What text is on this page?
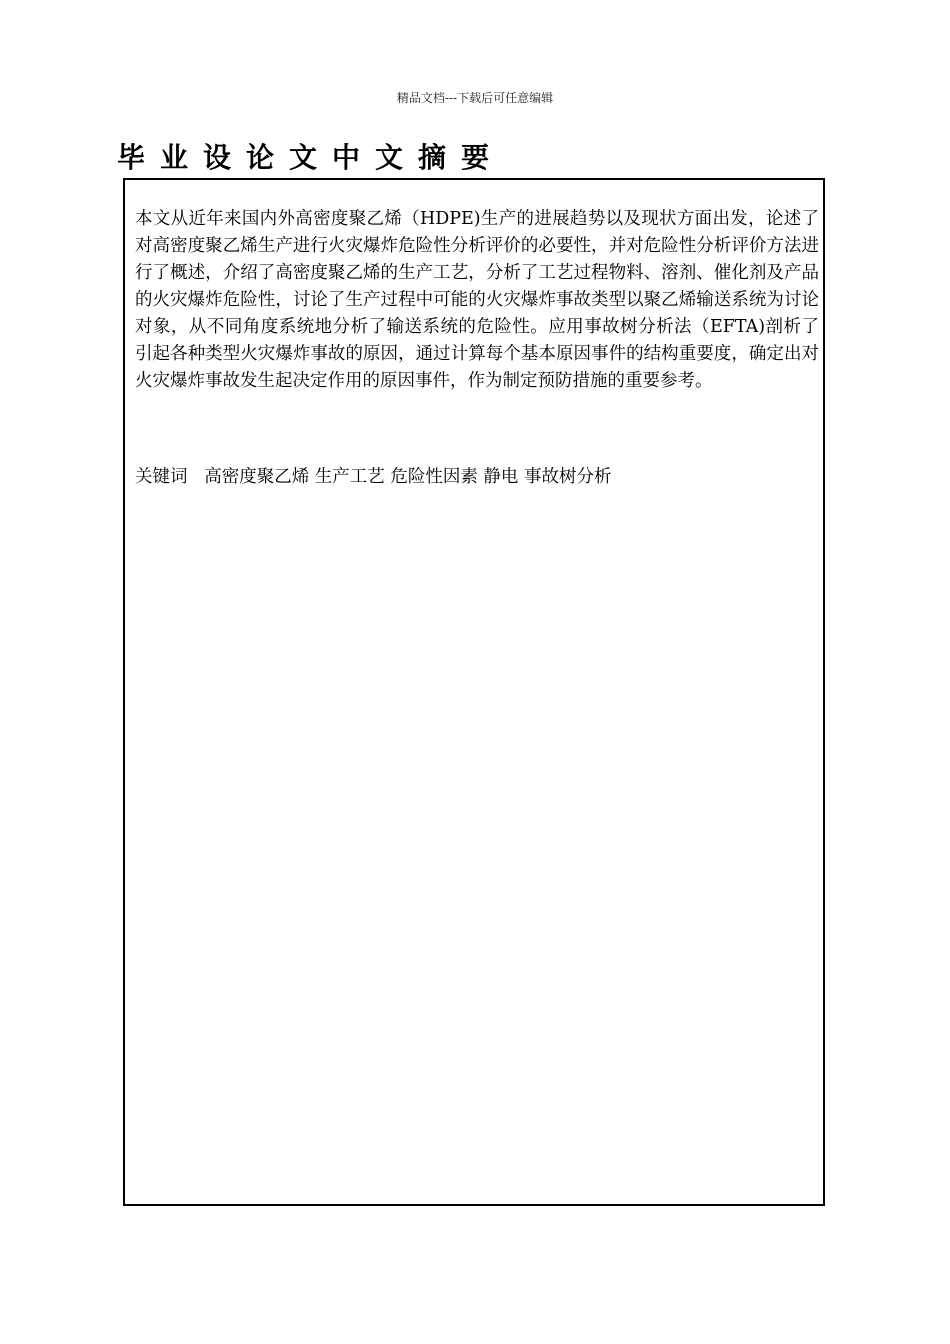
精品文档---下载后可任意编辑
毕业设论文中文摘要

本文从近年来国内外高密度聚乙烯（HDPE)生产的进展趋势以及现状方面出发，论述了对高密度聚乙烯生产进行火灾爆炸危险性分析评价的必要性，并对危险性分析评价方法进行了概述，介绍了高密度聚乙烯的生产工艺，分析了工艺过程物料、溶剂、催化剂及产品的火灾爆炸危险性，讨论了生产过程中可能的火灾爆炸事故类型以聚乙烯输送系统为讨论对象，从不同角度系统地分析了输送系统的危险性。应用事故树分析法（EFTA)剖析了引起各种类型火灾爆炸事故的原因，通过计算每个基本原因事件的结构重要度，确定出对火灾爆炸事故发生起决定作用的原因事件，作为制定预防措施的重要参考。

关键词 高密度聚乙烯 生产工艺 危险性因素 静电 事故树分析
